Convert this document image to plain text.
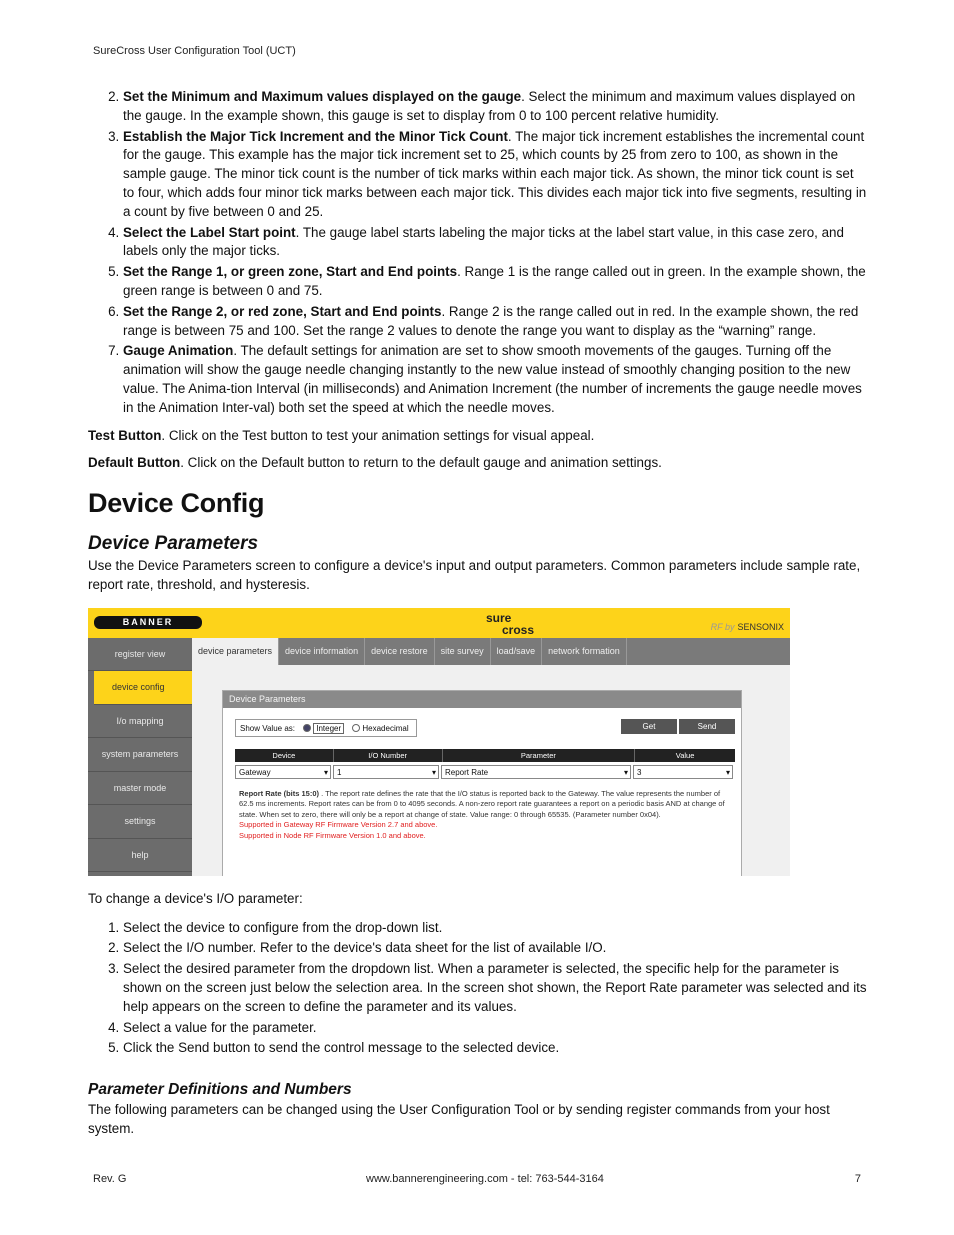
SureCross User Configuration Tool (UCT)
2. Set the Minimum and Maximum values displayed on the gauge. Select the minimum and maximum values displayed on the gauge. In the example shown, this gauge is set to display from 0 to 100 percent relative humidity.
3. Establish the Major Tick Increment and the Minor Tick Count. The major tick increment establishes the incremental count for the gauge. This example has the major tick increment set to 25, which counts by 25 from zero to 100, as shown in the sample gauge. The minor tick count is the number of tick marks within each major tick. As shown, the minor tick count is set to four, which adds four minor tick marks between each major tick. This divides each major tick into five segments, resulting in a count by five between 0 and 25.
4. Select the Label Start point. The gauge label starts labeling the major ticks at the label start value, in this case zero, and labels only the major ticks.
5. Set the Range 1, or green zone, Start and End points. Range 1 is the range called out in green. In the example shown, the green range is between 0 and 75.
6. Set the Range 2, or red zone, Start and End points. Range 2 is the range called out in red. In the example shown, the red range is between 75 and 100. Set the range 2 values to denote the range you want to display as the “warning” range.
7. Gauge Animation. The default settings for animation are set to show smooth movements of the gauges. Turning off the animation will show the gauge needle changing instantly to the new value instead of smoothly changing position to the new value. The Anima-tion Interval (in milliseconds) and Animation Increment (the number of increments the gauge needle moves in the Animation Inter-val) both set the speed at which the needle moves.

Test Button. Click on the Test button to test your animation settings for visual appeal.

Default Button. Click on the Default button to return to the default gauge and animation settings.

Device Config
Device Parameters

Use the Device Parameters screen to configure a device's input and output parameters. Common parameters include sample rate, report rate, threshold, and hysteresis.

BANNER	sure
cross	RF by SENSONIX
register view
device config
I/o mapping
system parameters
master mode
settings
help
device parameters	device information	device restore	site survey	load/save	network formation
Device Parameters
Show Value as:	Integer	Hexadecimal	Get	Send
Device	I/O Number	Parameter	Value
Gateway ▾	1 ▾	Report Rate ▾	3 ▾
Report Rate (bits 15:0) . The report rate defines the rate that the I/O status is reported back to the Gateway. The value represents the number of 62.5 ms increments. Report rates can be from 0 to 4095 seconds. A non-zero report rate guarantees a report on a periodic basis AND at change of state. When set to zero, there will only be a report at change of state. Value range: 0 through 65535. (Parameter number 0x04).
Supported in Gateway RF Firmware Version 2.7 and above.
Supported in Node RF Firmware Version 1.0 and above.

To change a device's I/O parameter:

1. Select the device to configure from the drop-down list.
2. Select the I/O number. Refer to the device's data sheet for the list of available I/O.
3. Select the desired parameter from the dropdown list. When a parameter is selected, the specific help for the parameter is shown on the screen just below the selection area. In the screen shot shown, the Report Rate parameter was selected and its help appears on the screen to define the parameter and its values.
4. Select a value for the parameter.
5. Click the Send button to send the control message to the selected device.
Parameter Definitions and Numbers

The following parameters can be changed using the User Configuration Tool or by sending register commands from your host system.

Rev. G	www.bannerengineering.com - tel: 763-544-3164	7
